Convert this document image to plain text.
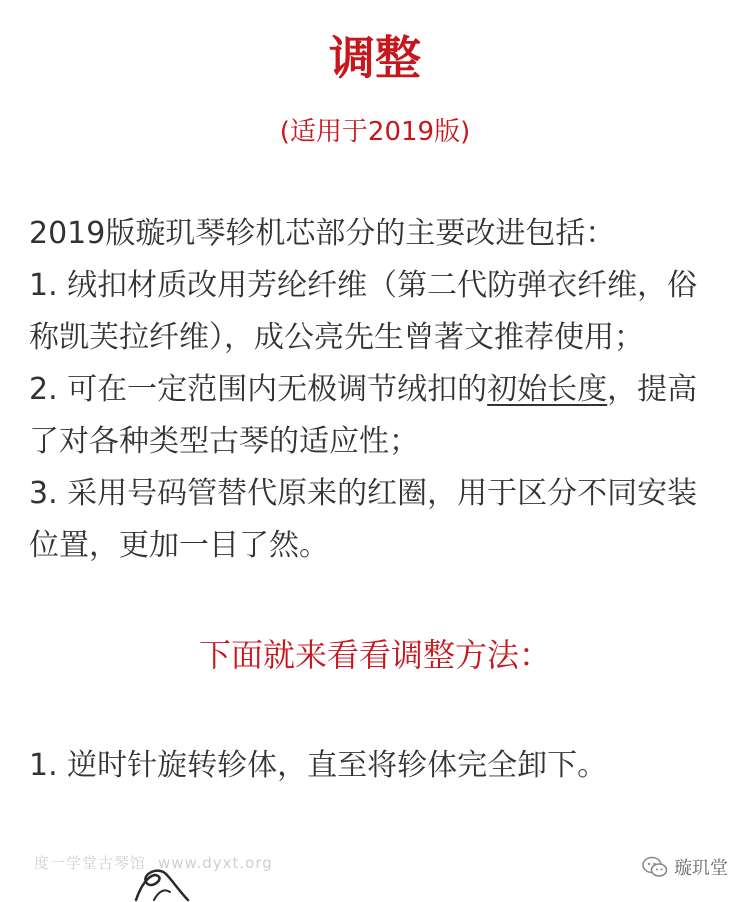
调整
(适用于2019版)

2019版璇玑琴轸机芯部分的主要改进包括：

1. 绒扣材质改用芳纶纤维（第二代防弹衣纤维，俗称凯芙拉纤维），成公亮先生曾著文推荐使用；

2. 可在一定范围内无极调节绒扣的初始长度，提高了对各种类型古琴的适应性；

3. 采用号码管替代原来的红圈，用于区分不同安装位置，更加一目了然。

下面就来看看调整方法：

1. 逆时针旋转轸体，直至将轸体完全卸下。

度一学堂古琴馆 www.dyxt.org	璇玑堂
